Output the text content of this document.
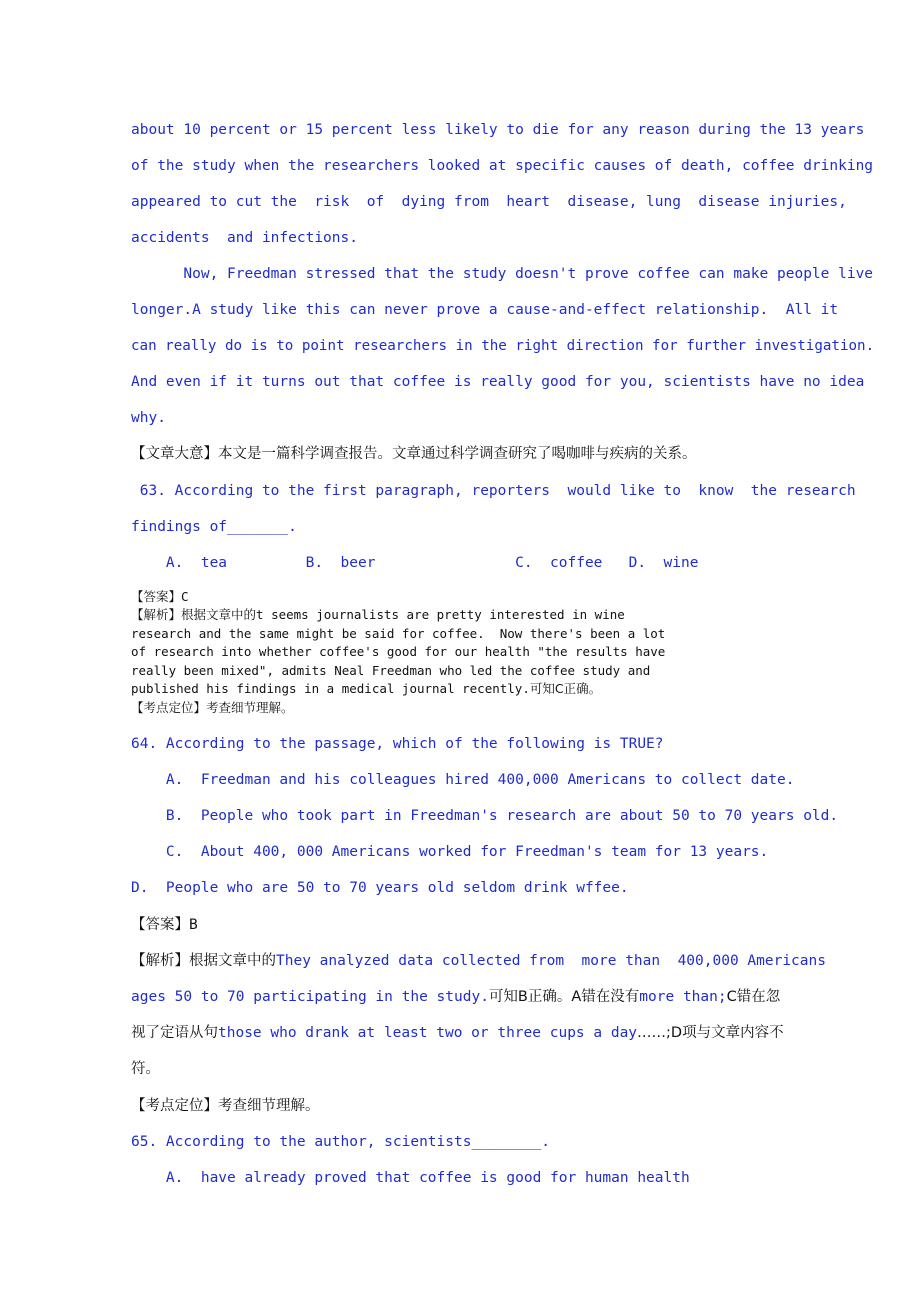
about 10 percent or 15 percent less likely to die for any reason during the 13 years
of the study when the researchers looked at specific causes of death, coffee drinking
appeared to cut the  risk  of  dying from  heart  disease, lung  disease injuries,
accidents  and infections.
Now, Freedman stressed that the study doesn't prove coffee can make people live
longer.A study like this can never prove a cause-and-effect relationship.  All it
can really do is to point researchers in the right direction for further investigation.
And even if it turns out that coffee is really good for you, scientists have no idea
why.
【文章大意】本文是一篇科学调查报告。文章通过科学调查研究了喝咖啡与疾病的关系。
63. According to the first paragraph, reporters  would like to  know  the research
findings of_______.
A.  tea         B.  beer                C.  coffee   D.  wine
【答案】C
【解析】根据文章中的t seems journalists are pretty interested in wine
research and the same might be said for coffee.  Now there's been a lot
of research into whether coffee's good for our health "the results have
really been mixed", admits Neal Freedman who led the coffee study and
published his findings in a medical journal recently.可知C正确。
【考点定位】考查细节理解。
64. According to the passage, which of the following is TRUE?
A.  Freedman and his colleagues hired 400,000 Americans to collect date.
B.  People who took part in Freedman's research are about 50 to 70 years old.
C.  About 400, 000 Americans worked for Freedman's team for 13 years.
D.  People who are 50 to 70 years old seldom drink wffee.
【答案】B
【解析】根据文章中的They analyzed data collected from  more than  400,000 Americans
ages 50 to 70 participating in the study.可知B正确。A错在没有more than;C错在忽
视了定语从句those who drank at least two or three cups a day……;D项与文章内容不
符。
【考点定位】考查细节理解。
65. According to the author, scientists________.
A.  have already proved that coffee is good for human health
